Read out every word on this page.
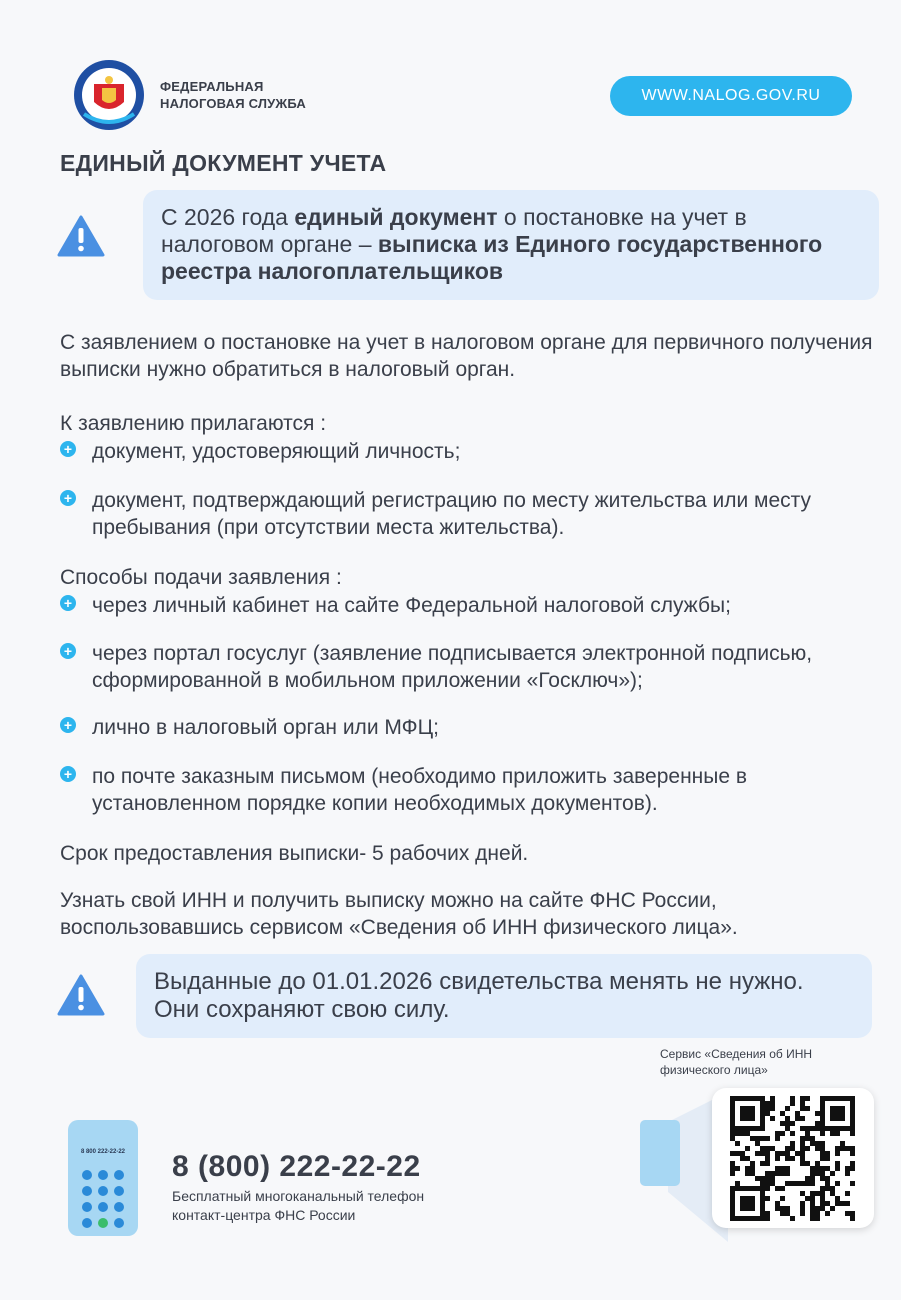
ФЕДЕРАЛЬНАЯ
НАЛОГОВАЯ СЛУЖБА	WWW.NALOG.GOV.RU
ЕДИНЫЙ ДОКУМЕНТ УЧЕТА
С 2026 года единый документ о постановке на учет в налоговом органе – выписка из Единого государственного реестра налогоплательщиков
С заявлением о постановке на учет в налоговом органе для первичного получения выписки нужно обратиться в налоговый орган.
К заявлению прилагаются :
+ документ, удостоверяющий личность;
+ документ, подтверждающий регистрацию по месту жительства или месту пребывания (при отсутствии места жительства).
Способы подачи заявления :
+ через личный кабинет на сайте Федеральной налоговой службы;
+ через портал госуслуг (заявление подписывается электронной подписью, сформированной в мобильном приложении «Госключ»);
+ лично в налоговый орган или МФЦ;
+ по почте заказным письмом (необходимо приложить заверенные в установленном порядке копии необходимых документов).
Срок предоставления выписки- 5 рабочих дней.
Узнать свой ИНН и получить выписку можно на сайте ФНС России, воспользовавшись сервисом «Сведения об ИНН физического лица».
Выданные до 01.01.2026 свидетельства менять не нужно. Они сохраняют свою силу.
8 800 222-22-22	8 (800) 222-22-22
Бесплатный многоканальный телефон
контакт-центра ФНС России
Сервис «Сведения об ИНН
физического лица»
